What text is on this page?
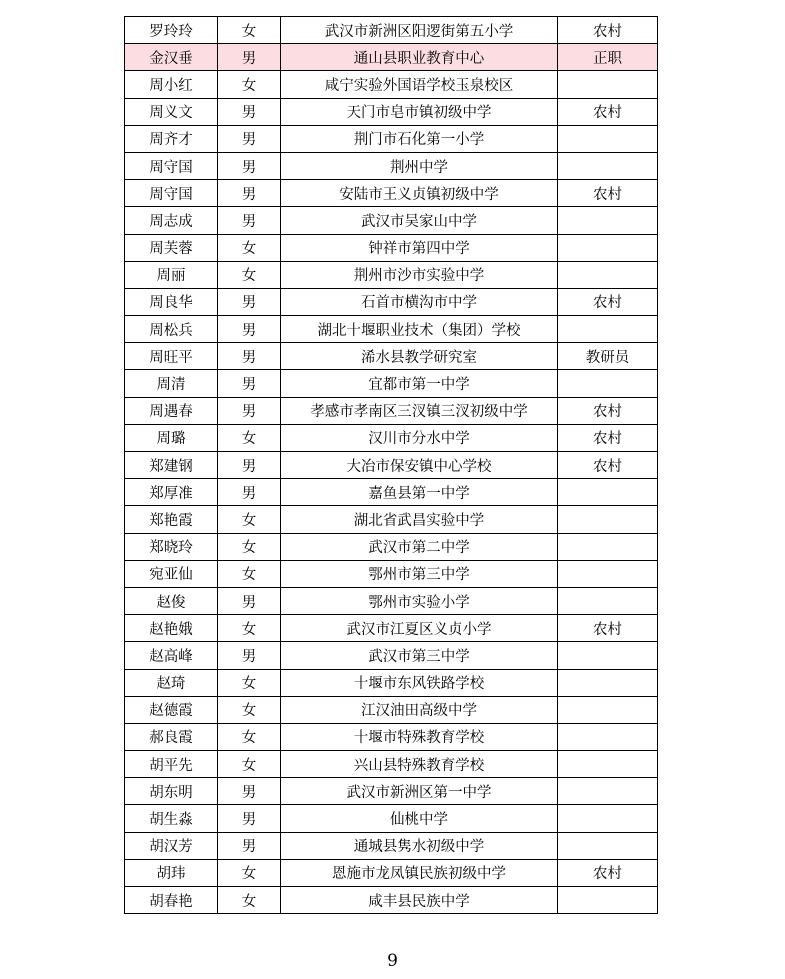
罗玲玲	女	武汉市新洲区阳逻街第五小学	农村
金汉垂	男	通山县职业教育中心	正职
周小红	女	咸宁实验外国语学校玉泉校区	
周义文	男	天门市皂市镇初级中学	农村
周齐才	男	荆门市石化第一小学	
周守国	男	荆州中学	
周守国	男	安陆市王义贞镇初级中学	农村
周志成	男	武汉市吴家山中学	
周芙蓉	女	钟祥市第四中学	
周丽	女	荆州市沙市实验中学	
周良华	男	石首市横沟市中学	农村
周松兵	男	湖北十堰职业技术（集团）学校	
周旺平	男	浠水县教学研究室	教研员
周清	男	宜都市第一中学	
周遇春	男	孝感市孝南区三汊镇三汊初级中学	农村
周璐	女	汉川市分水中学	农村
郑建钢	男	大冶市保安镇中心学校	农村
郑厚准	男	嘉鱼县第一中学	
郑艳霞	女	湖北省武昌实验中学	
郑晓玲	女	武汉市第二中学	
宛亚仙	女	鄂州市第三中学	
赵俊	男	鄂州市实验小学	
赵艳娥	女	武汉市江夏区义贞小学	农村
赵高峰	男	武汉市第三中学	
赵琦	女	十堰市东风铁路学校	
赵德霞	女	江汉油田高级中学	
郝良霞	女	十堰市特殊教育学校	
胡平先	女	兴山县特殊教育学校	
胡东明	男	武汉市新洲区第一中学	
胡生淼	男	仙桃中学	
胡汉芳	男	通城县隽水初级中学	
胡玮	女	恩施市龙凤镇民族初级中学	农村
胡春艳	女	咸丰县民族中学	
9
